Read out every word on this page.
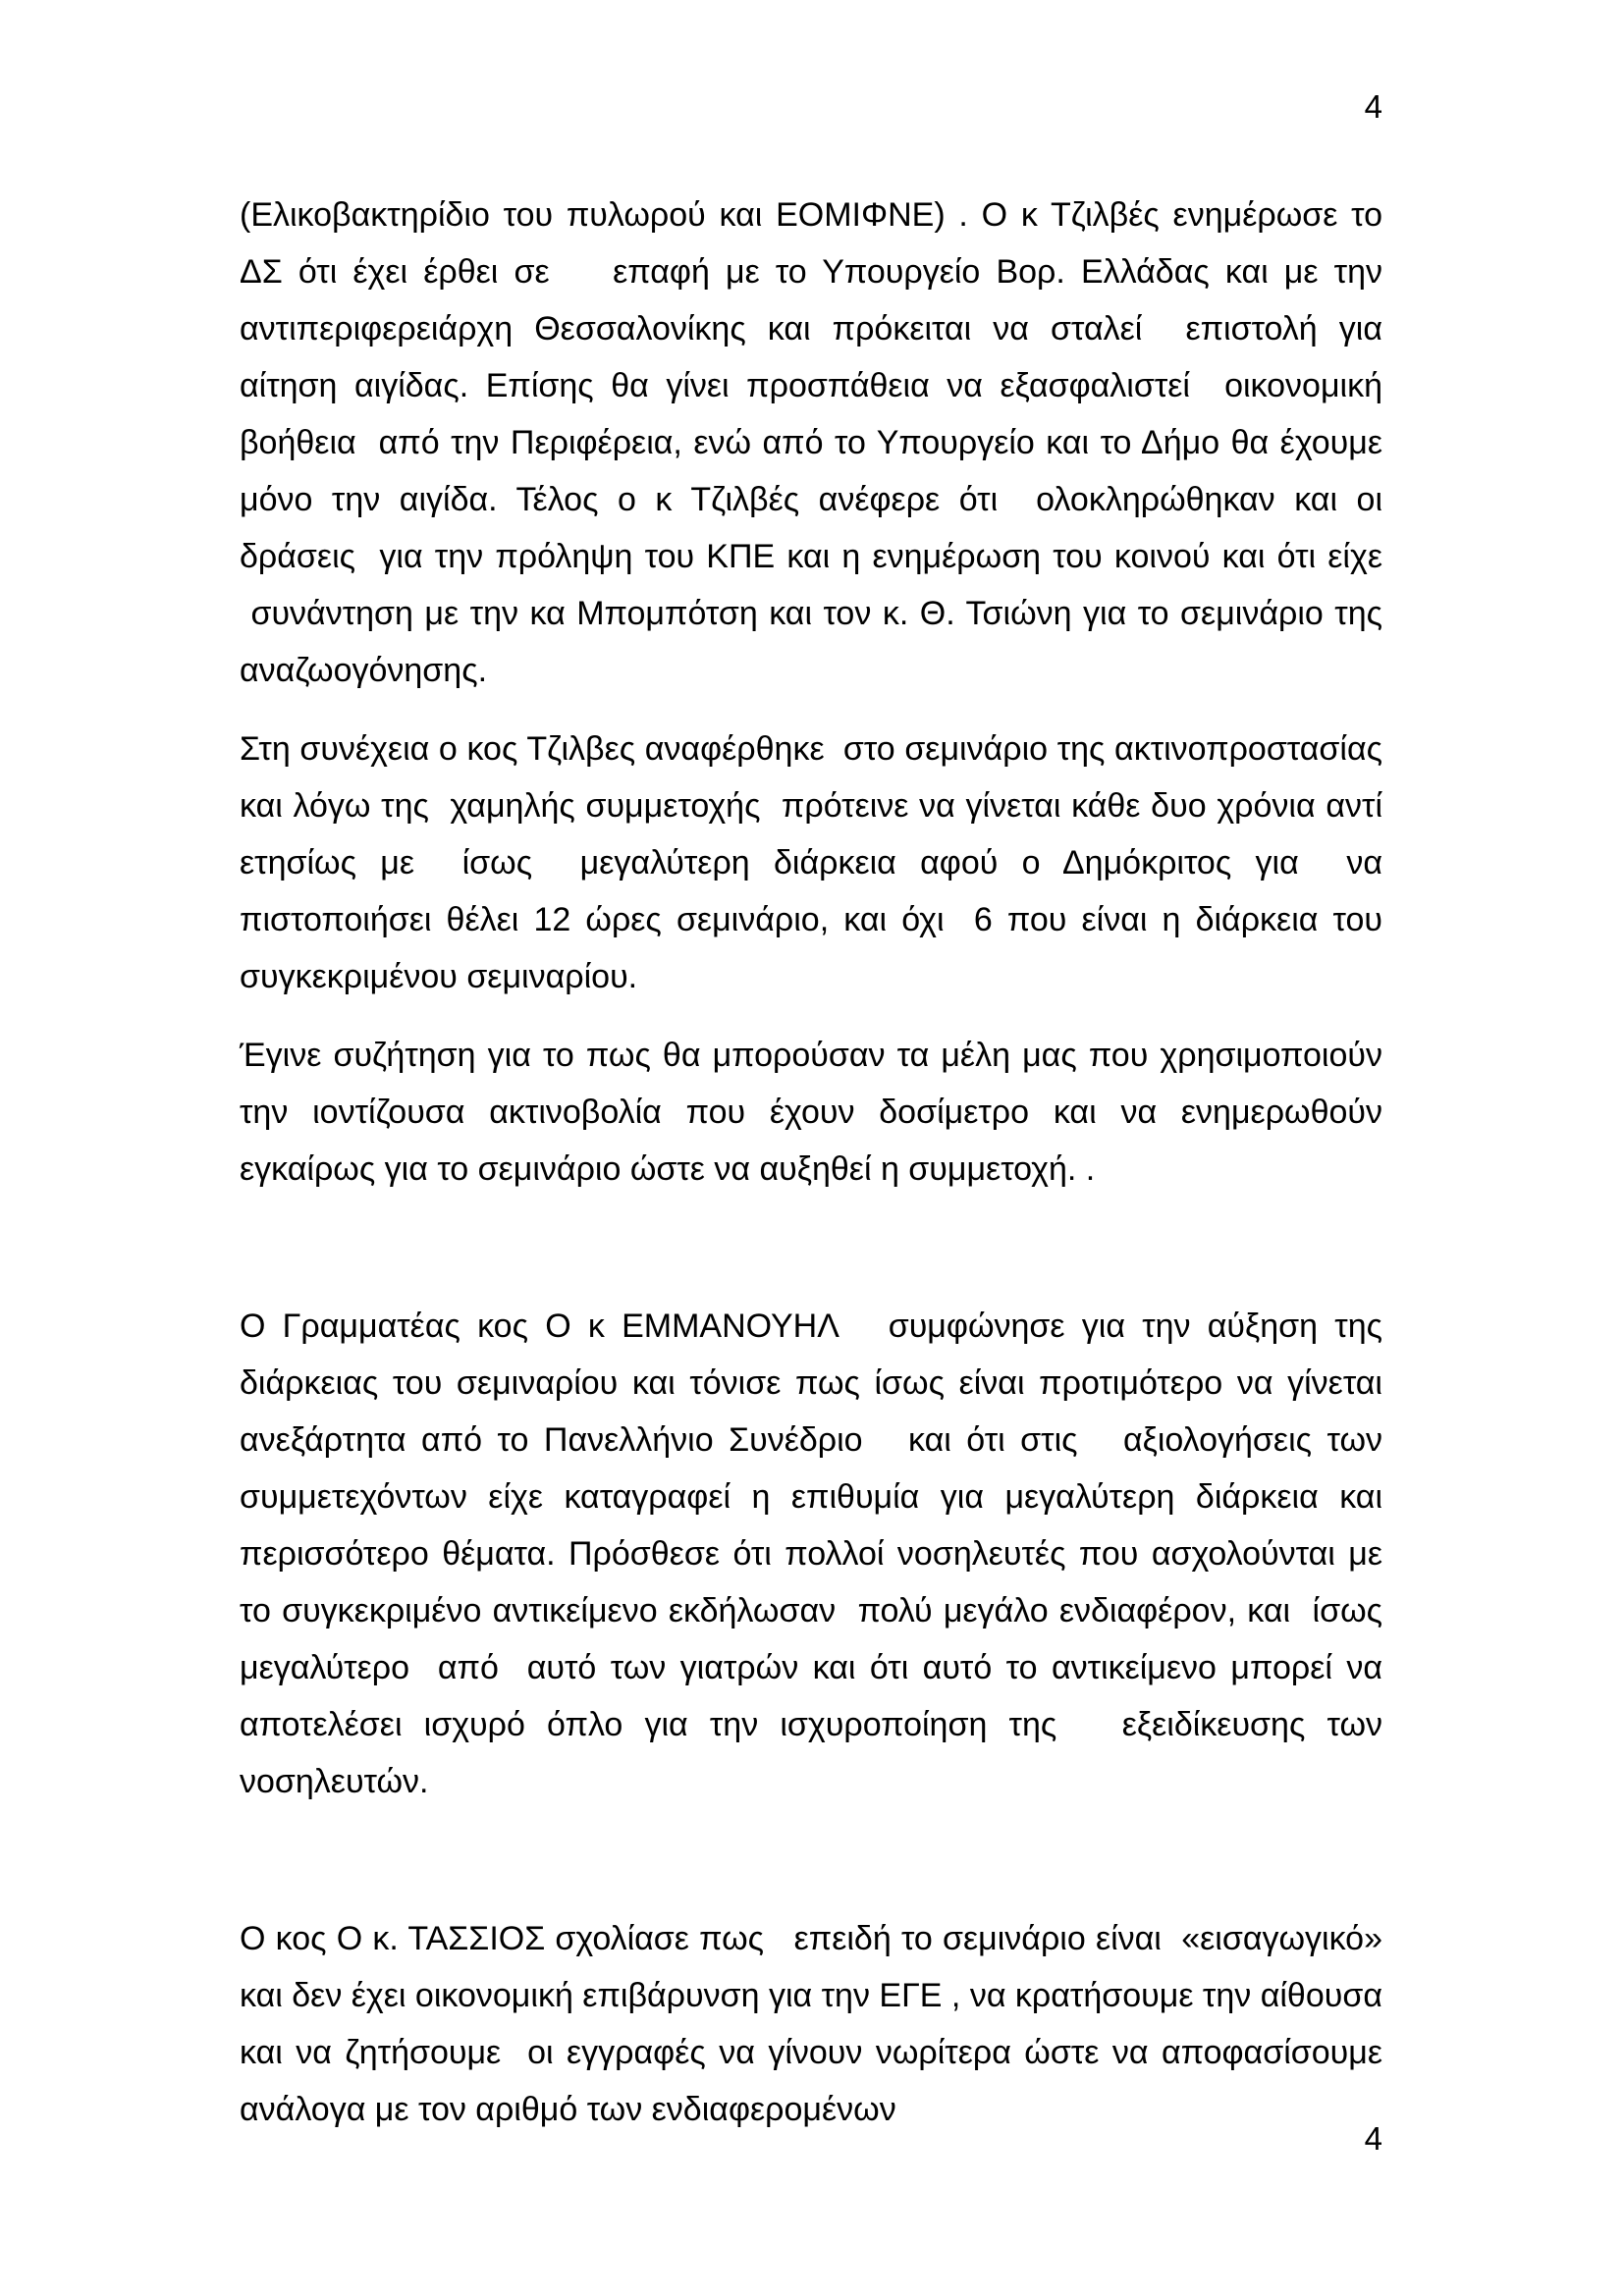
4

(Ελικοβακτηρίδιο του πυλωρού και ΕΟΜΙΦΝΕ) . Ο κ Τζιλβές ενημέρωσε το ΔΣ ότι έχει έρθει σε    επαφή με το Υπουργείο Βορ. Ελλάδας και με την αντιπεριφερειάρχη Θεσσαλονίκης και πρόκειται να σταλεί  επιστολή για αίτηση αιγίδας. Επίσης θα γίνει προσπάθεια να εξασφαλιστεί  οικονομική βοήθεια  από την Περιφέρεια, ενώ από το Υπουργείο και το Δήμο θα έχουμε μόνο την αιγίδα. Τέλος ο κ Τζιλβές ανέφερε ότι  ολοκληρώθηκαν και οι δράσεις  για την πρόληψη του ΚΠΕ και η ενημέρωση του κοινού και ότι είχε  συνάντηση με την κα Μπομπότση και τον κ. Θ. Τσιώνη για το σεμινάριο της αναζωογόνησης.

Στη συνέχεια ο κος Τζιλβες αναφέρθηκε  στο σεμινάριο της ακτινοπροστασίας και λόγω της  χαμηλής συμμετοχής  πρότεινε να γίνεται κάθε δυο χρόνια αντί ετησίως με  ίσως  μεγαλύτερη διάρκεια αφού ο Δημόκριτος για  να πιστοποιήσει θέλει 12 ώρες σεμινάριο, και όχι  6 που είναι η διάρκεια του συγκεκριμένου σεμιναρίου.

Έγινε συζήτηση για το πως θα μπορούσαν τα μέλη μας που χρησιμοποιούν την ιοντίζουσα ακτινοβολία που έχουν δοσίμετρο και να ενημερωθούν εγκαίρως για το σεμινάριο ώστε να αυξηθεί η συμμετοχή. .

Ο Γραμματέας κος Ο κ ΕΜΜΑΝΟΥΗΛ   συμφώνησε για την αύξηση της διάρκειας του σεμιναρίου και τόνισε πως ίσως είναι προτιμότερο να γίνεται ανεξάρτητα από το Πανελλήνιο Συνέδριο   και ότι στις   αξιολογήσεις των συμμετεχόντων είχε καταγραφεί η επιθυμία για μεγαλύτερη διάρκεια και περισσότερο θέματα. Πρόσθεσε ότι πολλοί νοσηλευτές που ασχολούνται με το συγκεκριμένο αντικείμενο εκδήλωσαν  πολύ μεγάλο ενδιαφέρον, και  ίσως μεγαλύτερο  από  αυτό των γιατρών και ότι αυτό το αντικείμενο μπορεί να αποτελέσει ισχυρό όπλο για την ισχυροποίηση της   εξειδίκευσης των νοσηλευτών.

Ο κος Ο κ. ΤΑΣΣΙΟΣ σχολίασε πως   επειδή το σεμινάριο είναι  «εισαγωγικό» και δεν έχει οικονομική επιβάρυνση για την ΕΓΕ , να κρατήσουμε την αίθουσα και να ζητήσουμε  οι εγγραφές να γίνουν νωρίτερα ώστε να αποφασίσουμε ανάλογα με τον αριθμό των ενδιαφερομένων

4
